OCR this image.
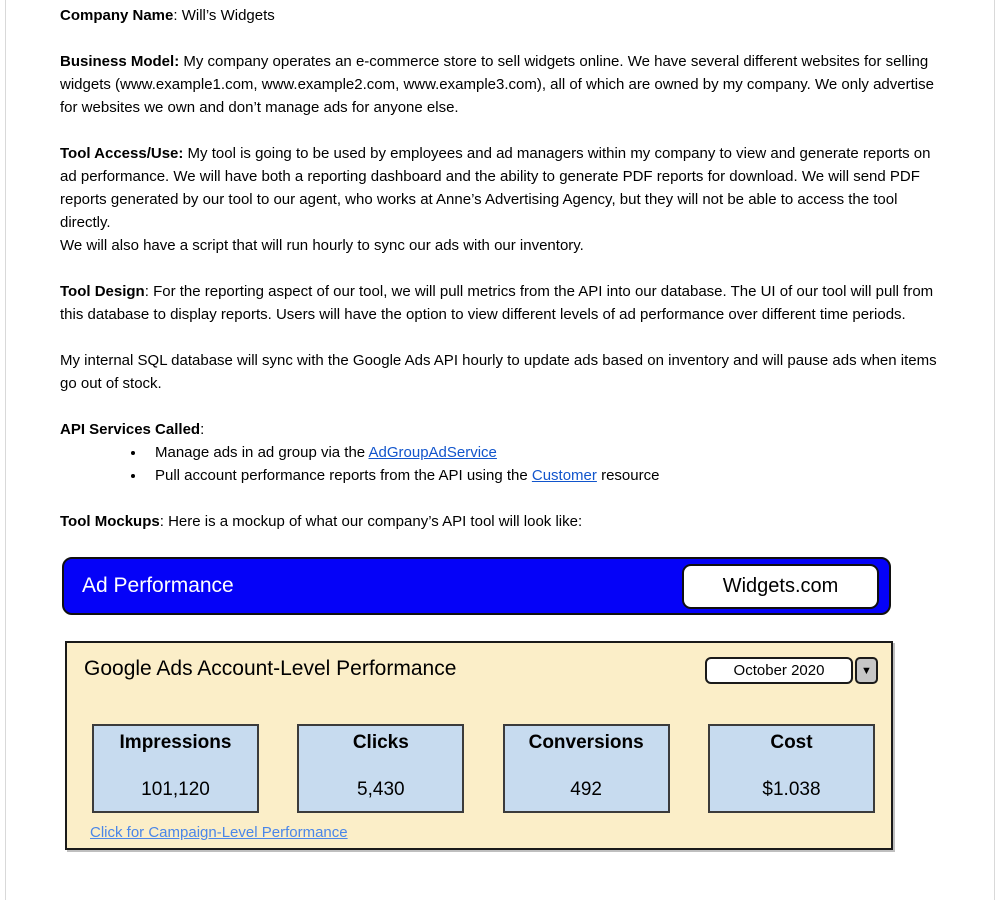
Company Name: Will’s Widgets
Business Model: My company operates an e-commerce store to sell widgets online. We have several different websites for selling widgets (www.example1.com, www.example2.com, www.example3.com), all of which are owned by my company. We only advertise for websites we own and don’t manage ads for anyone else.
Tool Access/Use: My tool is going to be used by employees and ad managers within my company to view and generate reports on ad performance. We will have both a reporting dashboard and the ability to generate PDF reports for download. We will send PDF reports generated by our tool to our agent, who works at Anne’s Advertising Agency, but they will not be able to access the tool directly.
We will also have a script that will run hourly to sync our ads with our inventory.
Tool Design: For the reporting aspect of our tool, we will pull metrics from the API into our database. The UI of our tool will pull from this database to display reports. Users will have the option to view different levels of ad performance over different time periods.
My internal SQL database will sync with the Google Ads API hourly to update ads based on inventory and will pause ads when items go out of stock.
API Services Called:
• Manage ads in ad group via the AdGroupAdService
• Pull account performance reports from the API using the Customer resource
Tool Mockups: Here is a mockup of what our company’s API tool will look like:
Ad Performance	Widgets.com
Google Ads Account-Level Performance	October 2020	▼
Impressions
101,120
Clicks
5,430
Conversions
492
Cost
$1.038
Click for Campaign-Level Performance
